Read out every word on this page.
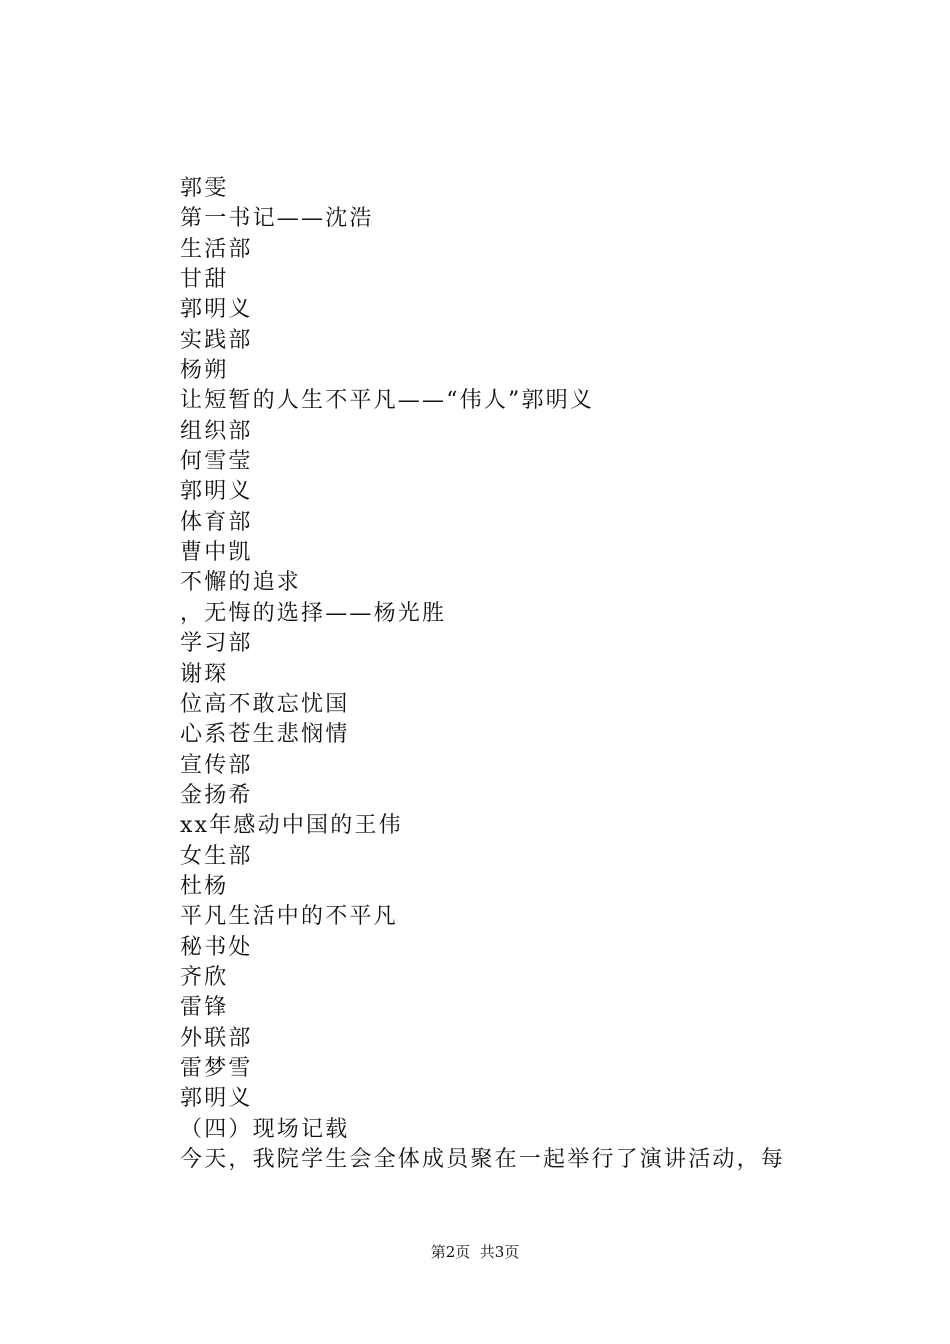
郭雯
第一书记——沈浩
生活部
甘甜
郭明义
实践部
杨朔
让短暂的人生不平凡——“伟人”郭明义
组织部
何雪莹
郭明义
体育部
曹中凯
不懈的追求
，无悔的选择——杨光胜
学习部
谢琛
位高不敢忘忧国
心系苍生悲悯情
宣传部
金扬希
xx年感动中国的王伟
女生部
杜杨
平凡生活中的不平凡
秘书处
齐欣
雷锋
外联部
雷梦雪
郭明义
（四）现场记载
今天，我院学生会全体成员聚在一起举行了演讲活动，每
第2页  共3页
